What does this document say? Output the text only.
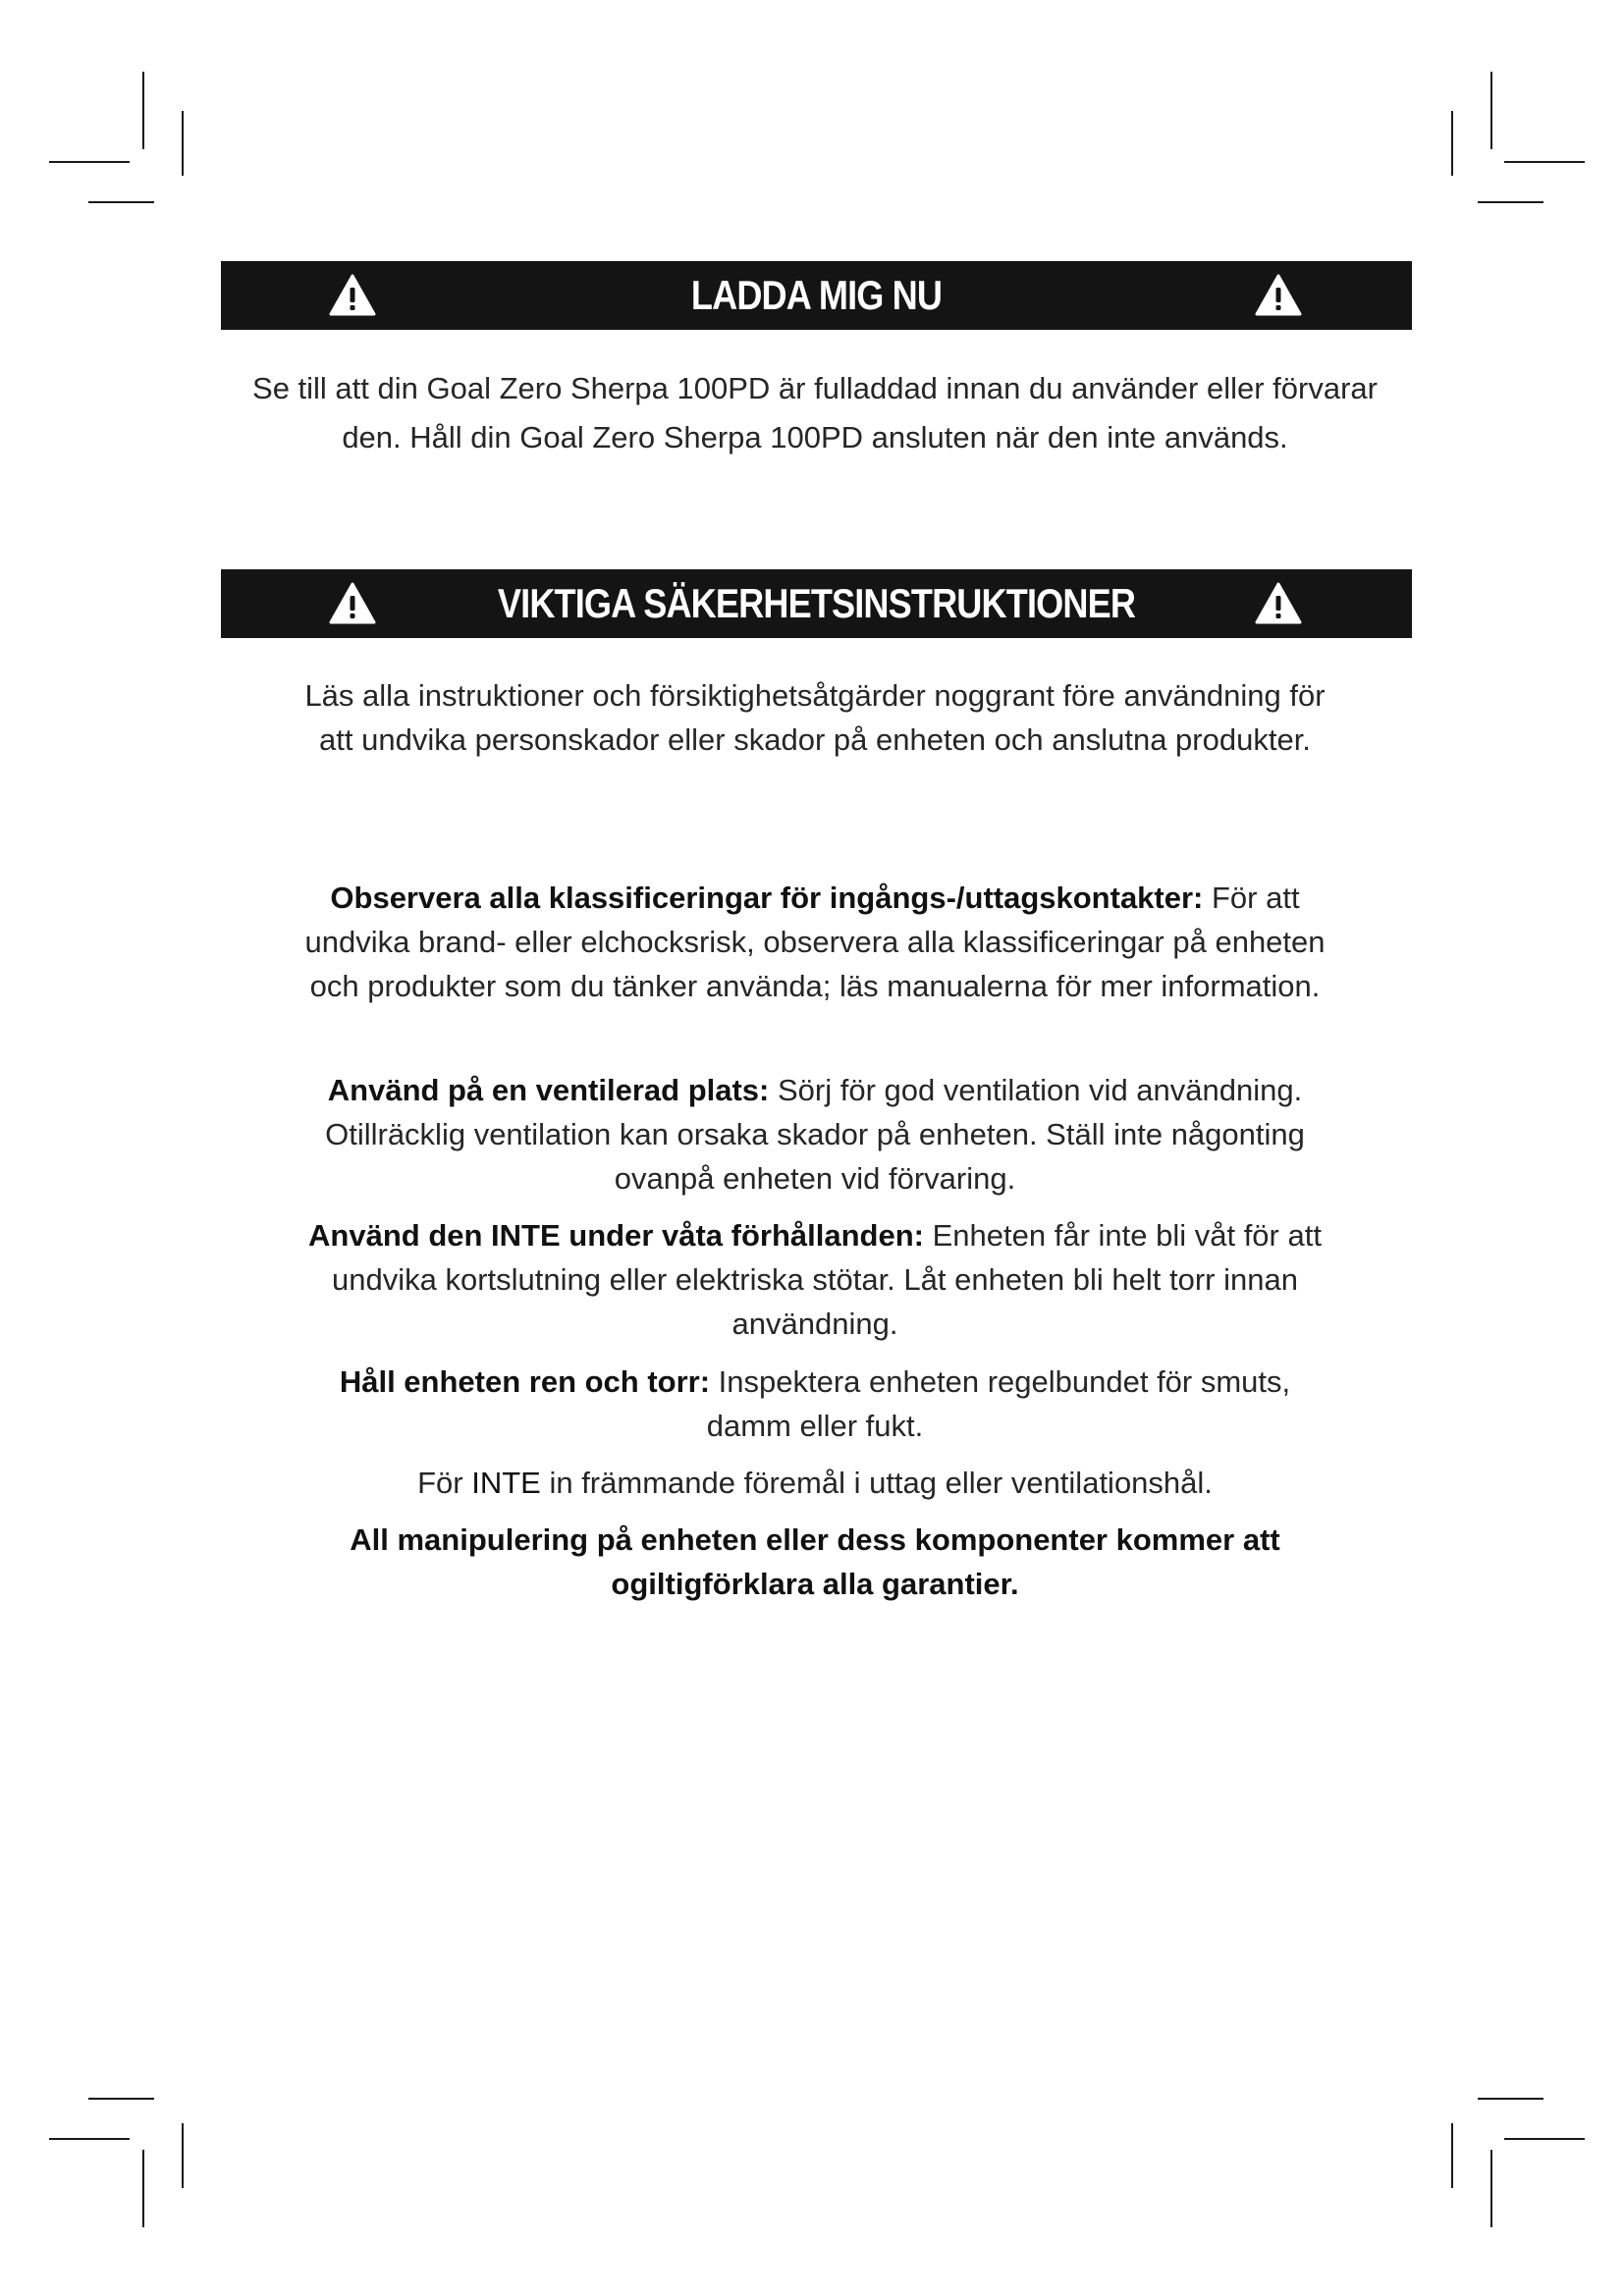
LADDA MIG NU

Se till att din Goal Zero Sherpa 100PD är fulladdad innan du använder eller förvarar den. Håll din Goal Zero Sherpa 100PD ansluten när den inte används.

VIKTIGA SÄKERHETSINSTRUKTIONER

Läs alla instruktioner och försiktighetsåtgärder noggrant före användning för att undvika personskador eller skador på enheten och anslutna produkter.

Observera alla klassificeringar för ingångs-/uttagskontakter: För att undvika brand- eller elchocksrisk, observera alla klassificeringar på enheten och produkter som du tänker använda; läs manualerna för mer information.

Använd på en ventilerad plats: Sörj för god ventilation vid användning. Otillräcklig ventilation kan orsaka skador på enheten. Ställ inte någonting ovanpå enheten vid förvaring.

Använd den INTE under våta förhållanden: Enheten får inte bli våt för att undvika kortslutning eller elektriska stötar. Låt enheten bli helt torr innan användning.

Håll enheten ren och torr: Inspektera enheten regelbundet för smuts, damm eller fukt.

För INTE in främmande föremål i uttag eller ventilationshål.

All manipulering på enheten eller dess komponenter kommer att ogiltigförklara alla garantier.
